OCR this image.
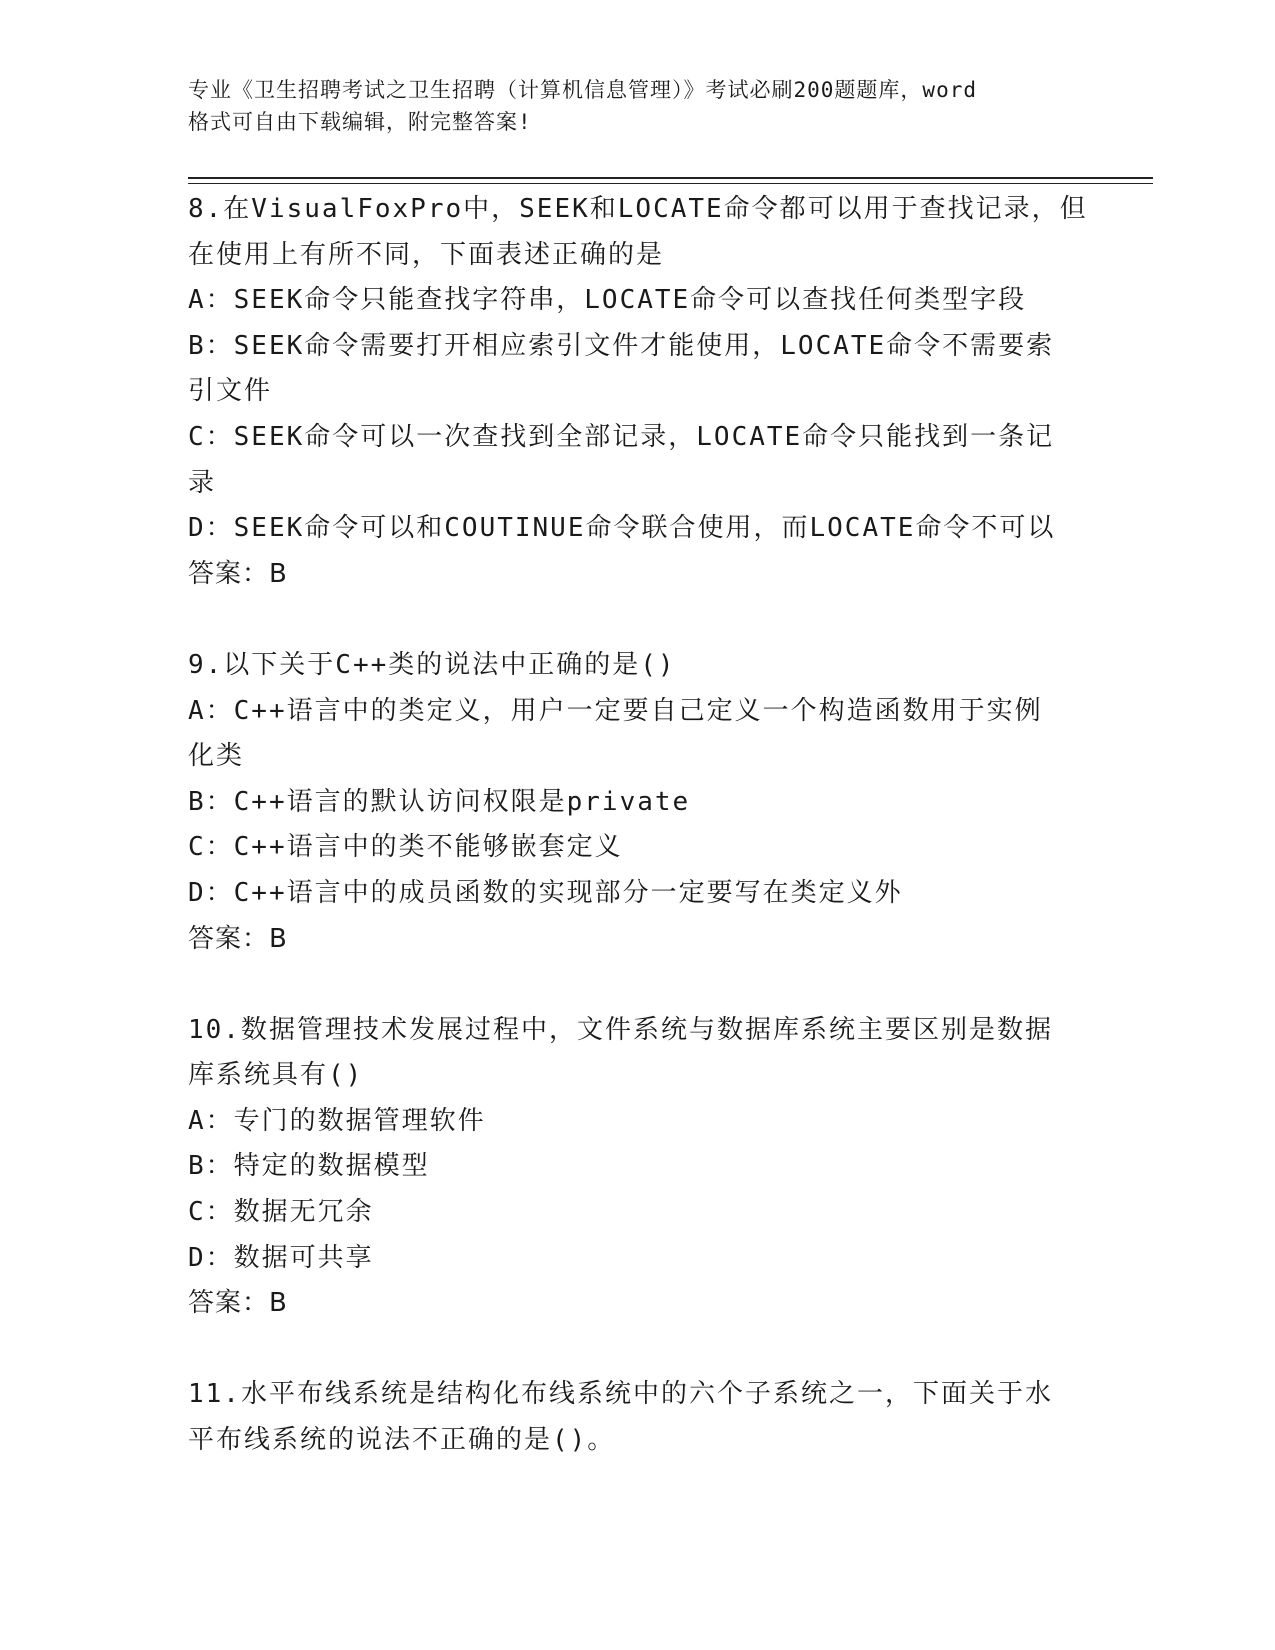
专业《卫生招聘考试之卫生招聘（计算机信息管理）》考试必刷200题题库，word
格式可自由下载编辑，附完整答案!
8.在VisualFoxPro中，SEEK和LOCATE命令都可以用于查找记录，但
在使用上有所不同，下面表述正确的是
A：SEEK命令只能查找字符串，LOCATE命令可以查找任何类型字段
B：SEEK命令需要打开相应索引文件才能使用，LOCATE命令不需要索
引文件
C：SEEK命令可以一次查找到全部记录，LOCATE命令只能找到一条记
录
D：SEEK命令可以和COUTINUE命令联合使用，而LOCATE命令不可以
答案：B
9.以下关于C++类的说法中正确的是()
A：C++语言中的类定义，用户一定要自己定义一个构造函数用于实例
化类
B：C++语言的默认访问权限是private
C：C++语言中的类不能够嵌套定义
D：C++语言中的成员函数的实现部分一定要写在类定义外
答案：B
10.数据管理技术发展过程中，文件系统与数据库系统主要区别是数据
库系统具有()
A：专门的数据管理软件
B：特定的数据模型
C：数据无冗余
D：数据可共享
答案：B
11.水平布线系统是结构化布线系统中的六个子系统之一，下面关于水
平布线系统的说法不正确的是()。
